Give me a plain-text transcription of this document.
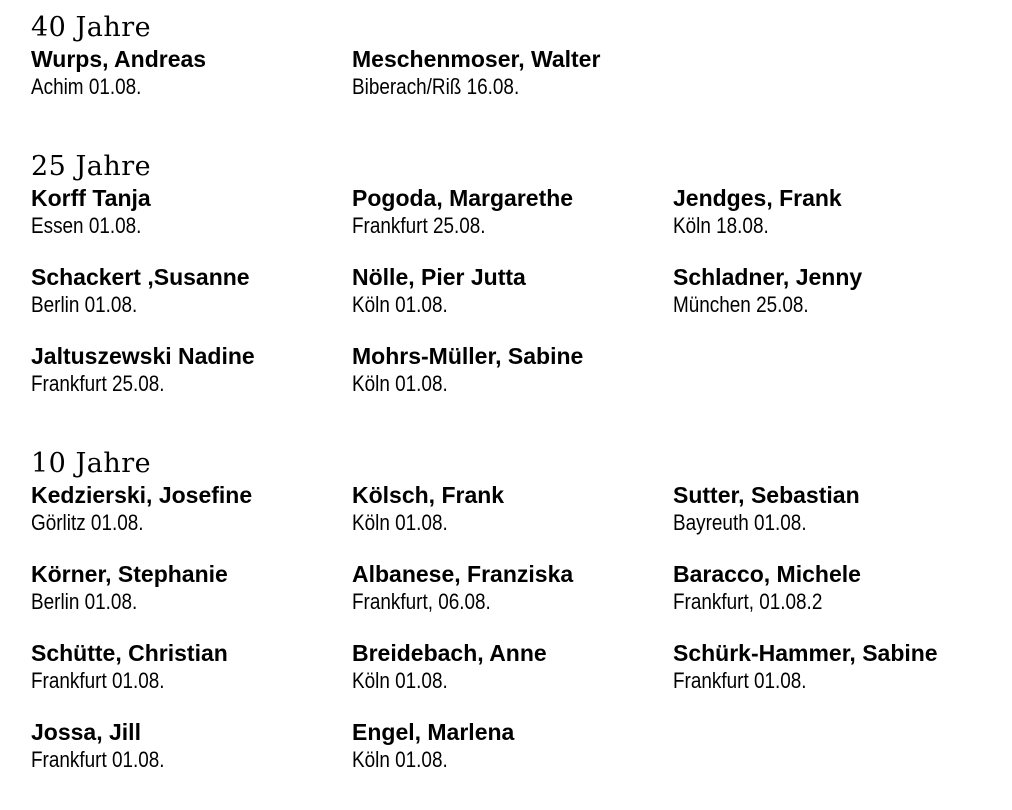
40 Jahre
Wurps, Andreas
Achim 01.08.
Meschenmoser, Walter
Biberach/Riß 16.08.
25 Jahre
Korff Tanja
Essen 01.08.
Pogoda, Margarethe
Frankfurt 25.08.
Jendges, Frank
Köln 18.08.
Schackert ,Susanne
Berlin 01.08.
Nölle, Pier Jutta
Köln 01.08.
Schladner, Jenny
München 25.08.
Jaltuszewski Nadine
Frankfurt 25.08.
Mohrs-Müller, Sabine
Köln 01.08.
10 Jahre
Kedzierski, Josefine
Görlitz 01.08.
Kölsch, Frank
Köln 01.08.
Sutter, Sebastian
Bayreuth 01.08.
Körner, Stephanie
Berlin 01.08.
Albanese, Franziska
Frankfurt, 06.08.
Baracco, Michele
Frankfurt, 01.08.2
Schütte, Christian
Frankfurt 01.08.
Breidebach, Anne
Köln 01.08.
Schürk-Hammer, Sabine
Frankfurt 01.08.
Jossa, Jill
Frankfurt 01.08.
Engel, Marlena
Köln 01.08.
